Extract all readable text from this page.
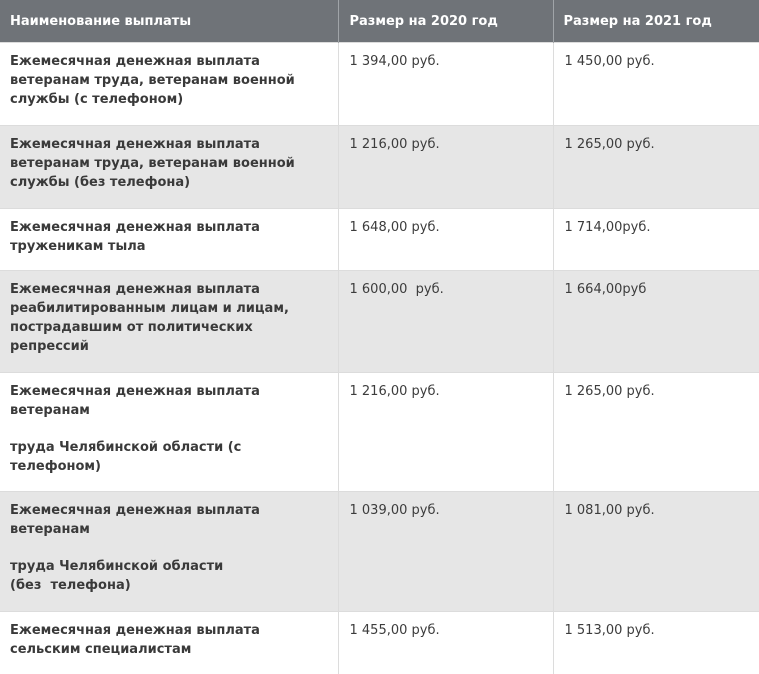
Наименование выплаты	Размер на 2020 год	Размер на 2021 год

Ежемесячная денежная выплата
ветеранам труда, ветеранам военной
службы (с телефоном)	1 394,00 руб.	1 450,00 руб.

Ежемесячная денежная выплата
ветеранам труда, ветеранам военной
службы (без телефона)	1 216,00 руб.	1 265,00 руб.

Ежемесячная денежная выплата
труженикам тыла	1 648,00 руб.	1 714,00руб.

Ежемесячная денежная выплата
реабилитированным лицам и лицам,
пострадавшим от политических
репрессий	1 600,00  руб.	1 664,00руб

Ежемесячная денежная выплата
ветеранам
труда Челябинской области (с
телефоном)	1 216,00 руб.	1 265,00 руб.

Ежемесячная денежная выплата
ветеранам
труда Челябинской области
(без  телефона)	1 039,00 руб.	1 081,00 руб.

Ежемесячная денежная выплата
сельским специалистам	1 455,00 руб.	1 513,00 руб.
